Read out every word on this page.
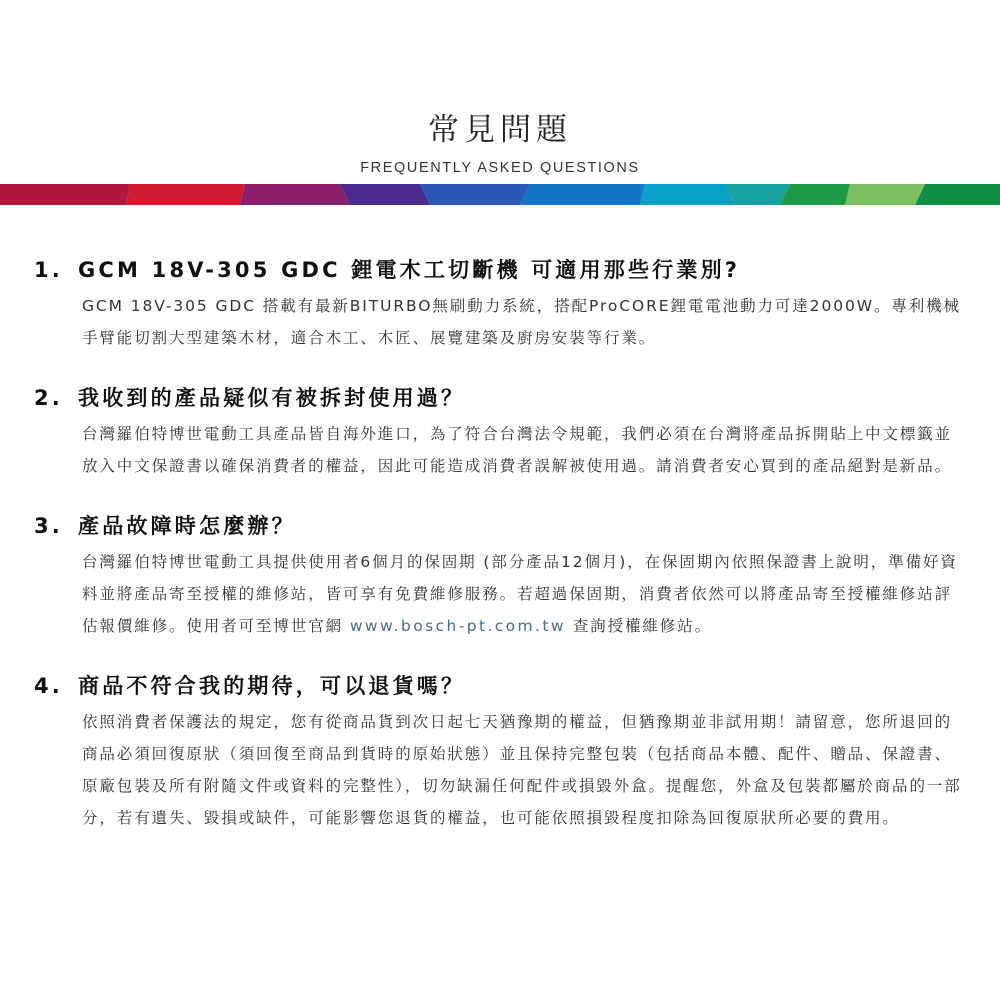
常見問題
FREQUENTLY ASKED QUESTIONS
1. GCM 18V-305 GDC 鋰電木工切斷機 可適用那些行業別?
GCM 18V-305 GDC 搭載有最新BITURBO無刷動力系統，搭配ProCORE鋰電電池動力可達2000W。專利機械手臂能切割大型建築木材，適合木工、木匠、展覽建築及廚房安裝等行業。
2. 我收到的產品疑似有被拆封使用過？
台灣羅伯特博世電動工具產品皆自海外進口，為了符合台灣法令規範，我們必須在台灣將產品拆開貼上中文標籤並放入中文保證書以確保消費者的權益，因此可能造成消費者誤解被使用過。請消費者安心買到的產品絕對是新品。
3. 產品故障時怎麼辦？
台灣羅伯特博世電動工具提供使用者6個月的保固期 (部分產品12個月)，在保固期內依照保證書上說明，準備好資料並將產品寄至授權的維修站，皆可享有免費維修服務。若超過保固期，消費者依然可以將產品寄至授權維修站評估報價維修。使用者可至博世官網 www.bosch-pt.com.tw 查詢授權維修站。
4. 商品不符合我的期待，可以退貨嗎？
依照消費者保護法的規定，您有從商品貨到次日起七天猶豫期的權益，但猶豫期並非試用期！請留意，您所退回的商品必須回復原狀（須回復至商品到貨時的原始狀態）並且保持完整包裝（包括商品本體、配件、贈品、保證書、原廠包裝及所有附隨文件或資料的完整性），切勿缺漏任何配件或損毀外盒。提醒您，外盒及包裝都屬於商品的一部分，若有遺失、毀損或缺件，可能影響您退貨的權益，也可能依照損毀程度扣除為回復原狀所必要的費用。
